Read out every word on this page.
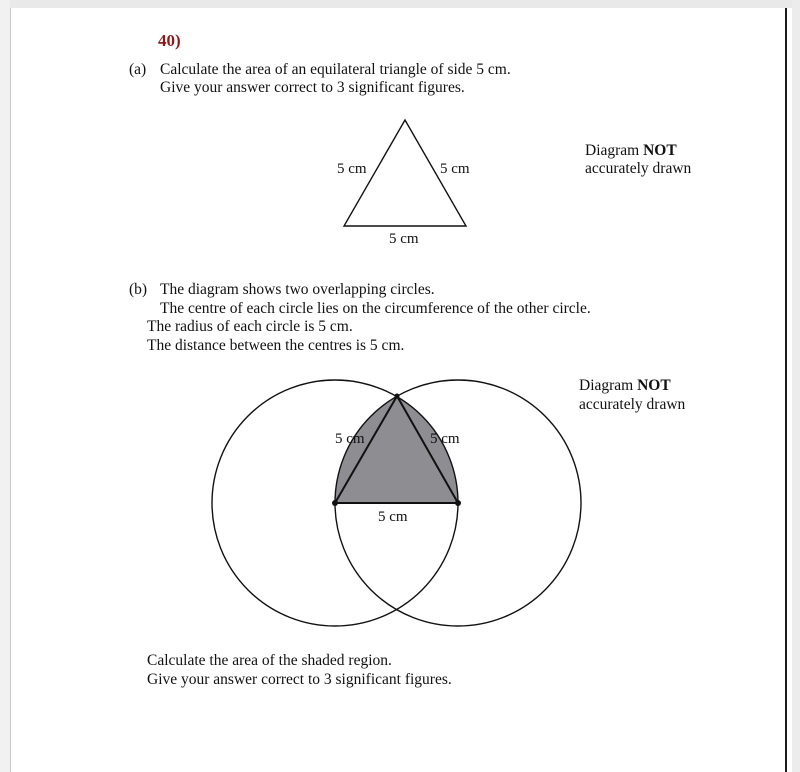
40)
(a) Calculate the area of an equilateral triangle of side 5 cm.
Give your answer correct to 3 significant figures.
Diagram NOT
accurately drawn
(b) The diagram shows two overlapping circles.
The centre of each circle lies on the circumference of the other circle.
The radius of each circle is 5 cm.
The distance between the centres is 5 cm.
Diagram NOT
accurately drawn
Calculate the area of the shaded region.
Give your answer correct to 3 significant figures.
5 cm	5 cm
5 cm
5 cm	5 cm
5 cm
